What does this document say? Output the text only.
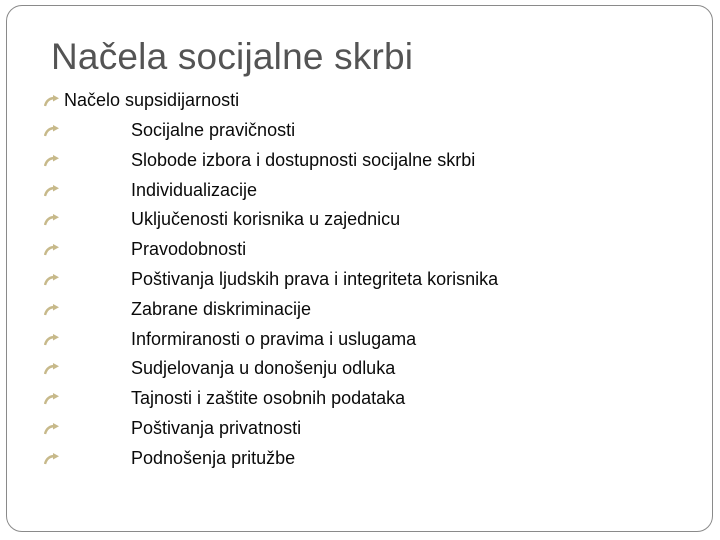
Načela socijalne skrbi
Načelo supsidijarnosti
Socijalne pravičnosti
Slobode izbora i dostupnosti socijalne skrbi
Individualizacije
Uključenosti korisnika u zajednicu
Pravodobnosti
Poštivanja ljudskih prava i integriteta korisnika
Zabrane diskriminacije
Informiranosti o pravima i uslugama
Sudjelovanja u donošenju odluka
Tajnosti i zaštite osobnih podataka
Poštivanja privatnosti
Podnošenja pritužbe
